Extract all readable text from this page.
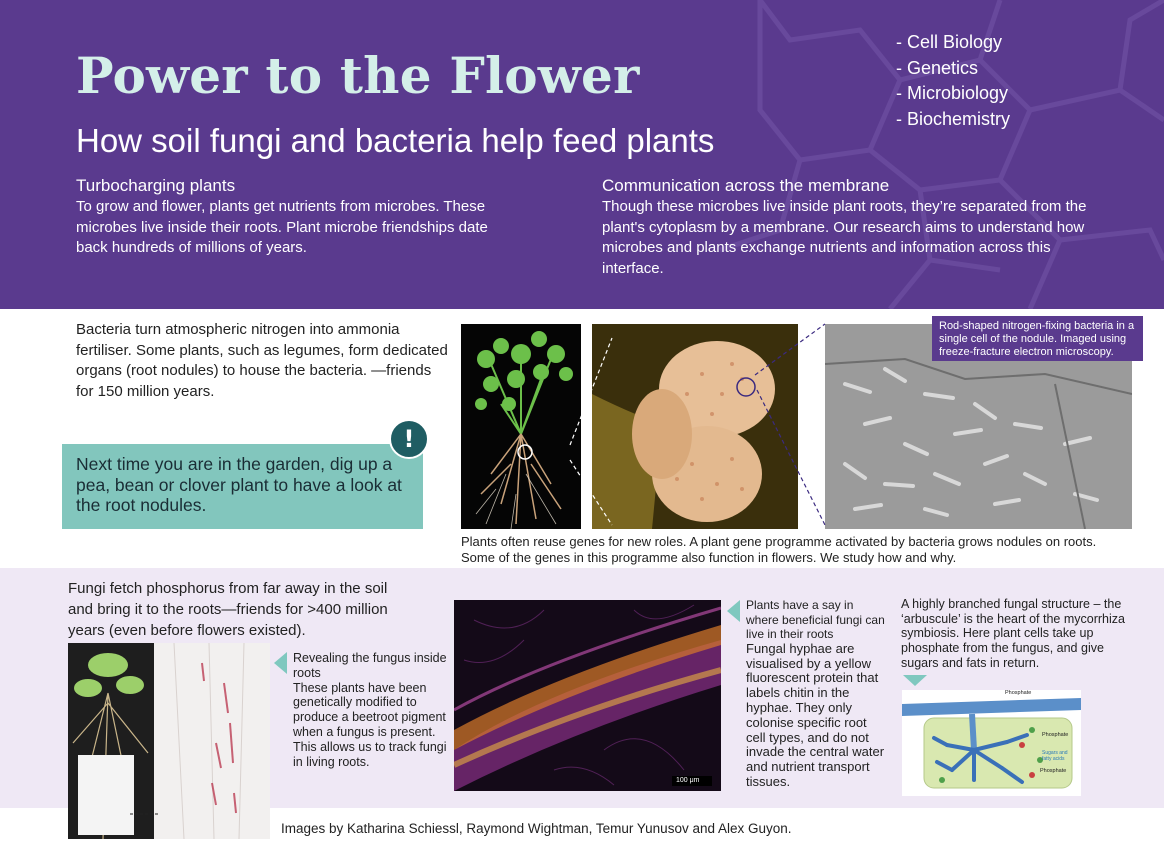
Power to the Flower
How soil fungi and bacteria help feed plants
- Cell Biology
- Genetics
- Microbiology
- Biochemistry
Turbocharging plants
To grow and flower, plants get nutrients from microbes. These microbes live inside their roots. Plant microbe friendships date back hundreds of millions of years.
Communication across the membrane
Though these microbes live inside plant roots, they’re separated from the plant's cytoplasm by a membrane. Our research aims to understand how microbes and plants exchange nutrients and information across this interface.
Bacteria turn atmospheric nitrogen into ammonia fertiliser. Some plants, such as legumes, form dedicated organs (root nodules) to house the bacteria. —friends for 150 million years.
Next time you are in the garden, dig up a pea, bean or clover plant to have a look at the root nodules.
!
Rod-shaped nitrogen-fixing bacteria in a single cell of the nodule. Imaged using freeze-fracture electron microscopy.
Plants often reuse genes for new roles. A plant gene programme activated by bacteria grows nodules on roots. Some of the genes in this programme also function in flowers. We study how and why.
Fungi fetch phosphorus from far away in the soil and bring it to the roots—friends for >400 million years (even before flowers existed).
Revealing the fungus inside roots
These plants have been genetically modified to produce a beetroot pigment when a fungus is present. This allows us to track fungi in living roots.
100 μm
Plants have a say in where beneficial fungi can live in their roots
Fungal hyphae are visualised by a yellow fluorescent protein that labels chitin in the hyphae. They only colonise specific root cell types, and do not invade the central water and nutrient transport tissues.
A highly branched fungal structure – the ‘arbuscule’ is the heart of the mycorrhiza symbiosis. Here plant cells take up phosphate from the fungus, and give sugars and fats in return.
Phosphate
Phosphate
Sugars and fatty acids
Phosphate
Images by Katharina Schiessl, Raymond Wightman, Temur Yunusov and Alex Guyon.
